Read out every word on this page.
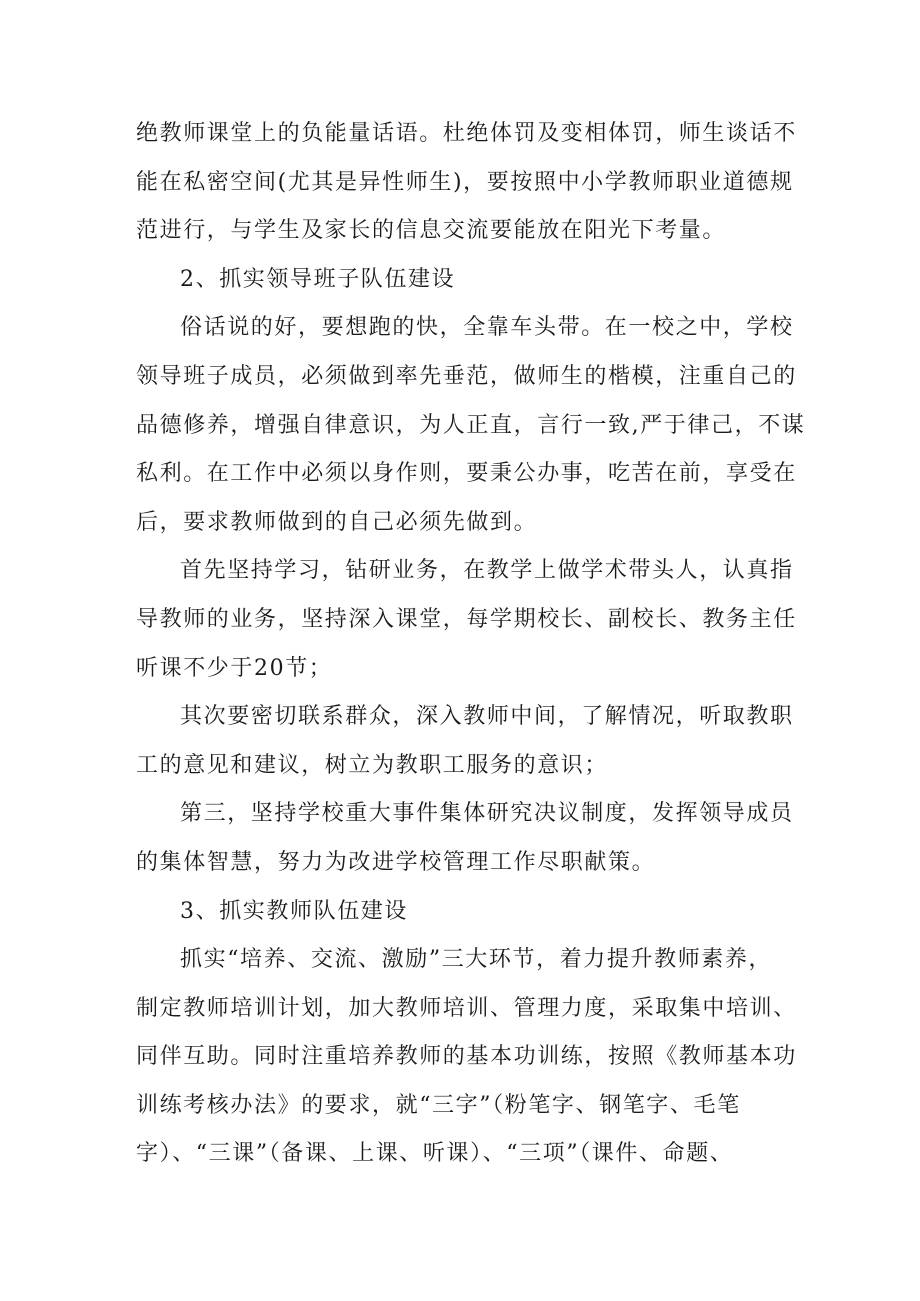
绝教师课堂上的负能量话语。杜绝体罚及变相体罚，师生谈话不
能在私密空间(尤其是异性师生)，要按照中小学教师职业道德规
范进行，与学生及家长的信息交流要能放在阳光下考量。
2、抓实领导班子队伍建设
俗话说的好，要想跑的快，全靠车头带。在一校之中，学校
领导班子成员，必须做到率先垂范，做师生的楷模，注重自己的
品德修养，增强自律意识，为人正直，言行一致,严于律己，不谋
私利。在工作中必须以身作则，要秉公办事，吃苦在前，享受在
后，要求教师做到的自己必须先做到。
首先坚持学习，钻研业务，在教学上做学术带头人，认真指
导教师的业务，坚持深入课堂，每学期校长、副校长、教务主任
听课不少于20节；
其次要密切联系群众，深入教师中间，了解情况，听取教职
工的意见和建议，树立为教职工服务的意识；
第三，坚持学校重大事件集体研究决议制度，发挥领导成员
的集体智慧，努力为改进学校管理工作尽职献策。
3、抓实教师队伍建设
抓实“培养、交流、激励”三大环节，着力提升教师素养，
制定教师培训计划，加大教师培训、管理力度，采取集中培训、
同伴互助。同时注重培养教师的基本功训练，按照《教师基本功
训练考核办法》的要求，就“三字”（粉笔字、钢笔字、毛笔
字）、“三课”（备课、上课、听课）、“三项”（课件、命题、
